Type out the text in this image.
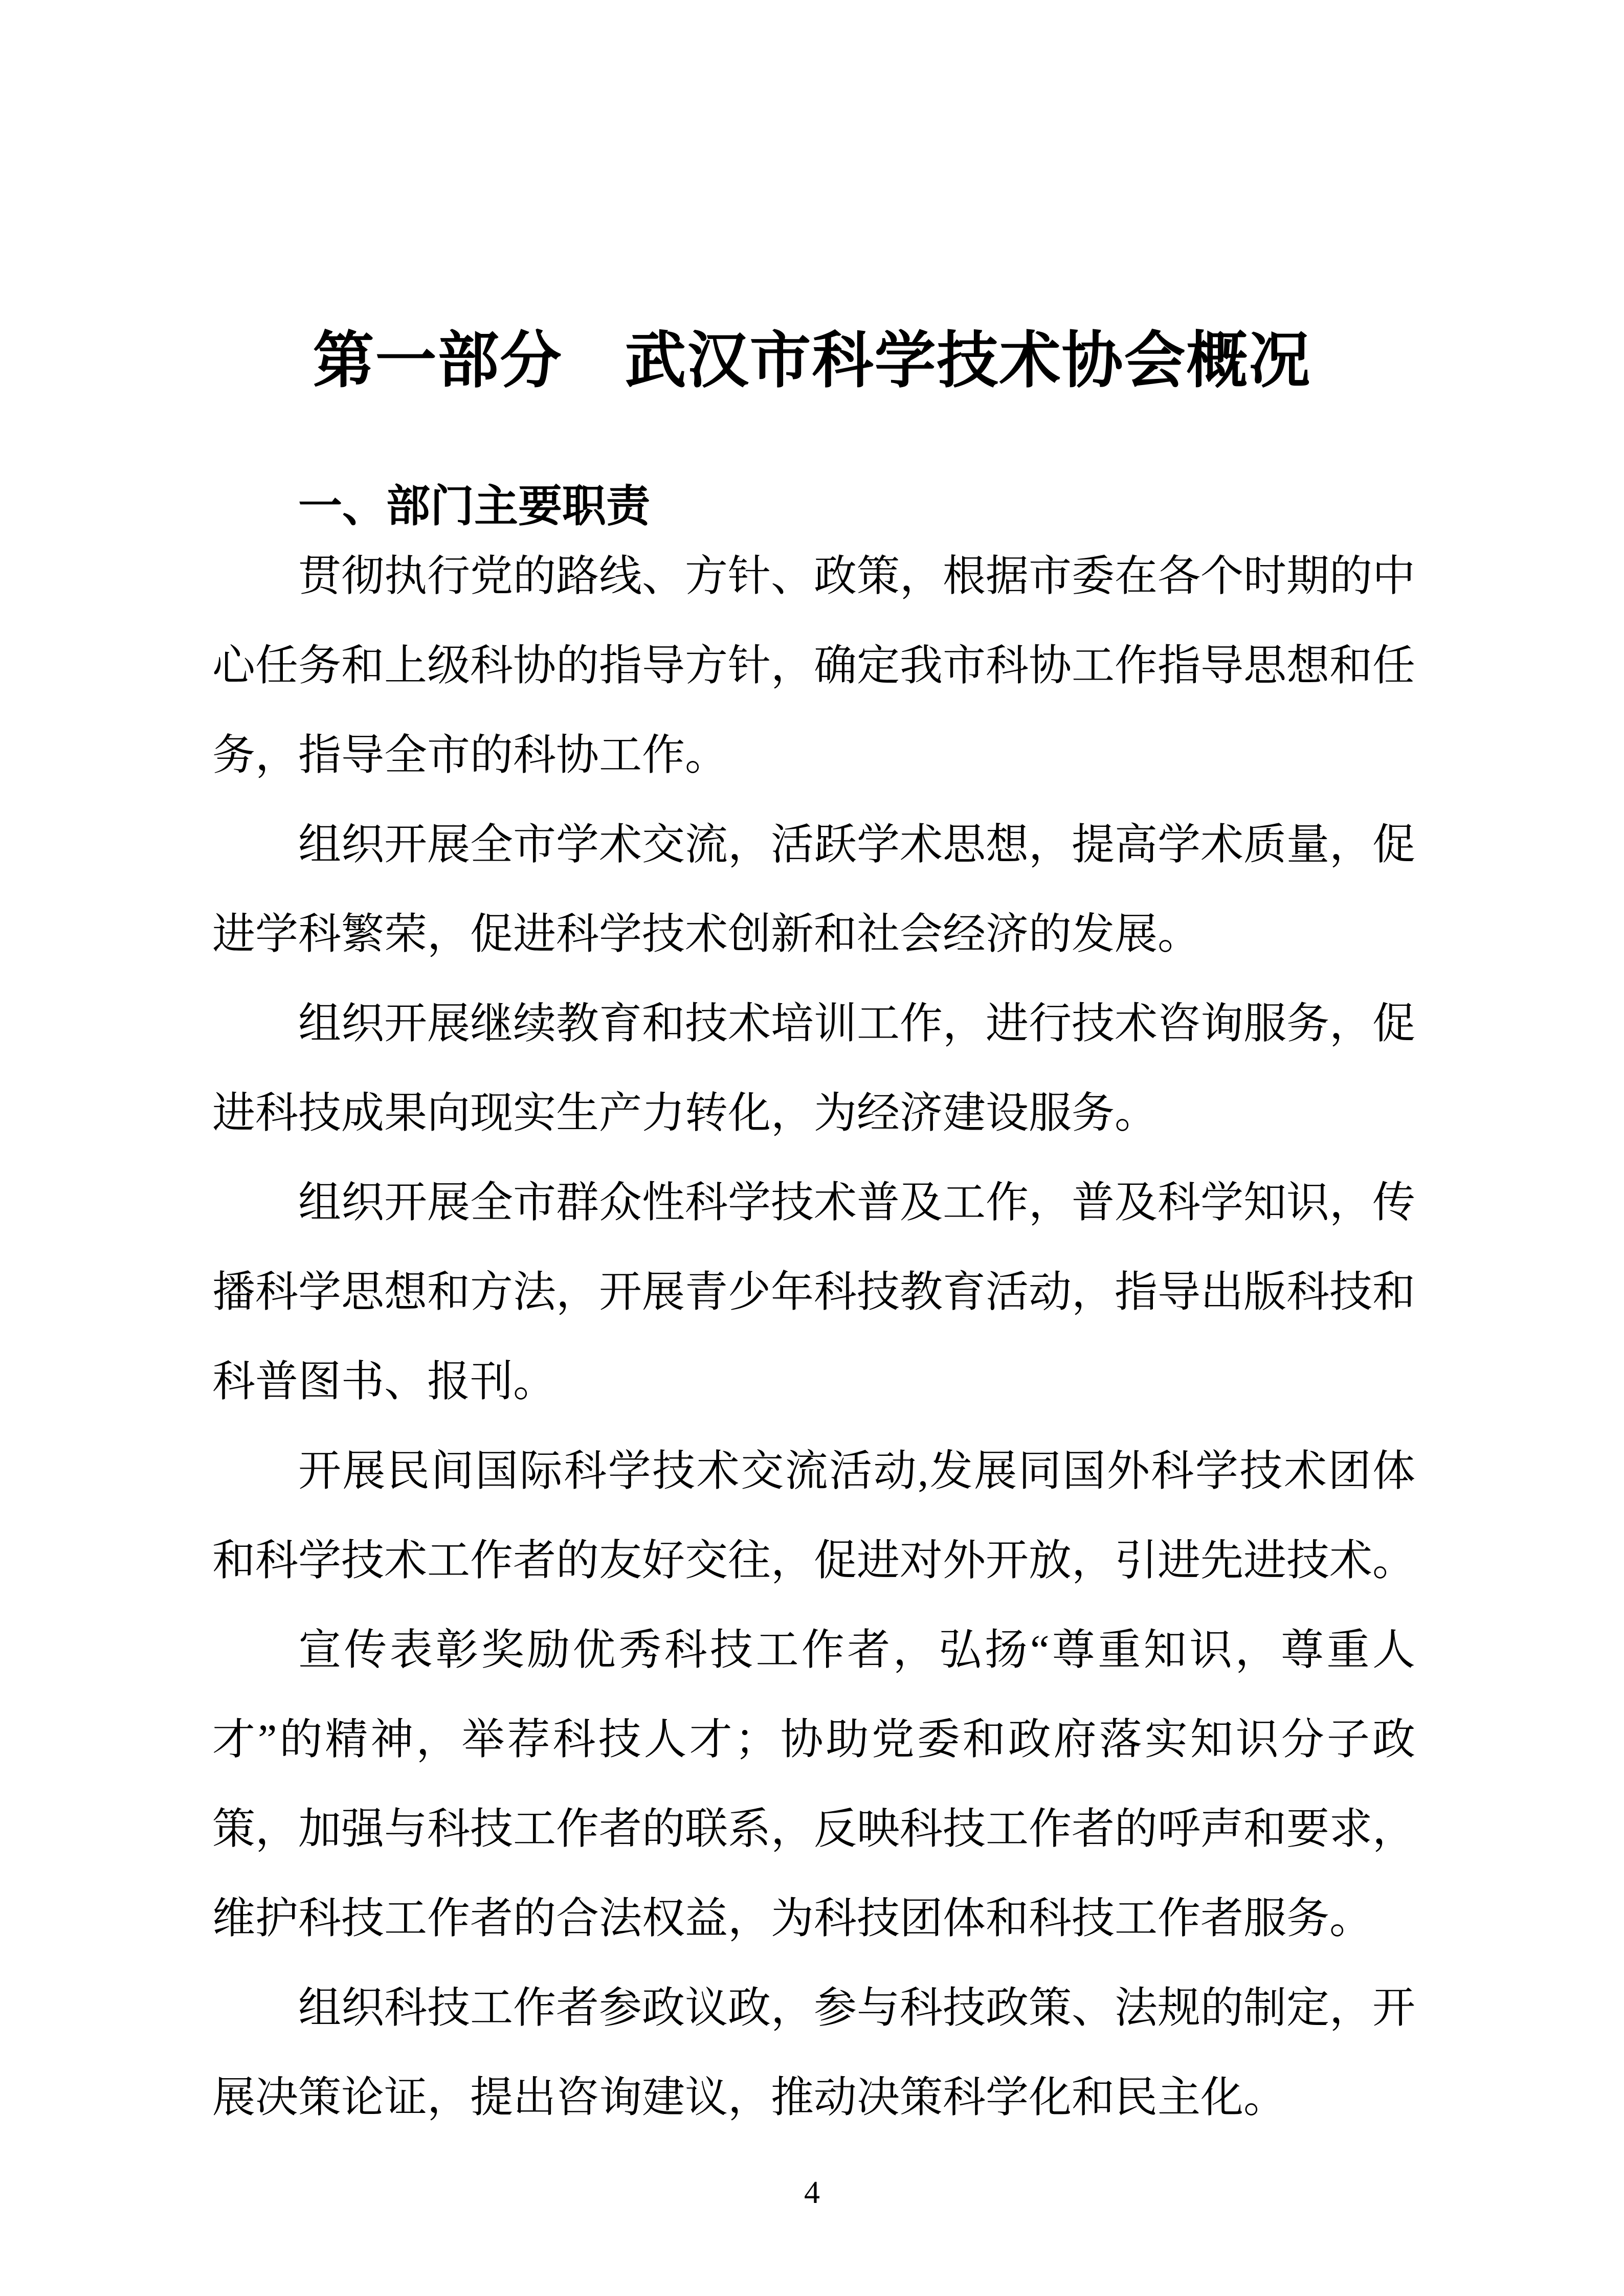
第一部分　武汉市科学技术协会概况
一、部门主要职责

贯彻执行党的路线、方针、政策，根据市委在各个时期的中心任务和上级科协的指导方针，确定我市科协工作指导思想和任务，指导全市的科协工作。

组织开展全市学术交流，活跃学术思想，提高学术质量，促进学科繁荣，促进科学技术创新和社会经济的发展。

组织开展继续教育和技术培训工作，进行技术咨询服务，促进科技成果向现实生产力转化，为经济建设服务。

组织开展全市群众性科学技术普及工作，普及科学知识，传播科学思想和方法，开展青少年科技教育活动，指导出版科技和科普图书、报刊。

开展民间国际科学技术交流活动,发展同国外科学技术团体和科学技术工作者的友好交往，促进对外开放，引进先进技术。

宣传表彰奖励优秀科技工作者，弘扬“尊重知识，尊重人才”的精神，举荐科技人才；协助党委和政府落实知识分子政策，加强与科技工作者的联系，反映科技工作者的呼声和要求，维护科技工作者的合法权益，为科技团体和科技工作者服务。

组织科技工作者参政议政，参与科技政策、法规的制定，开展决策论证，提出咨询建议，推动决策科学化和民主化。

4
